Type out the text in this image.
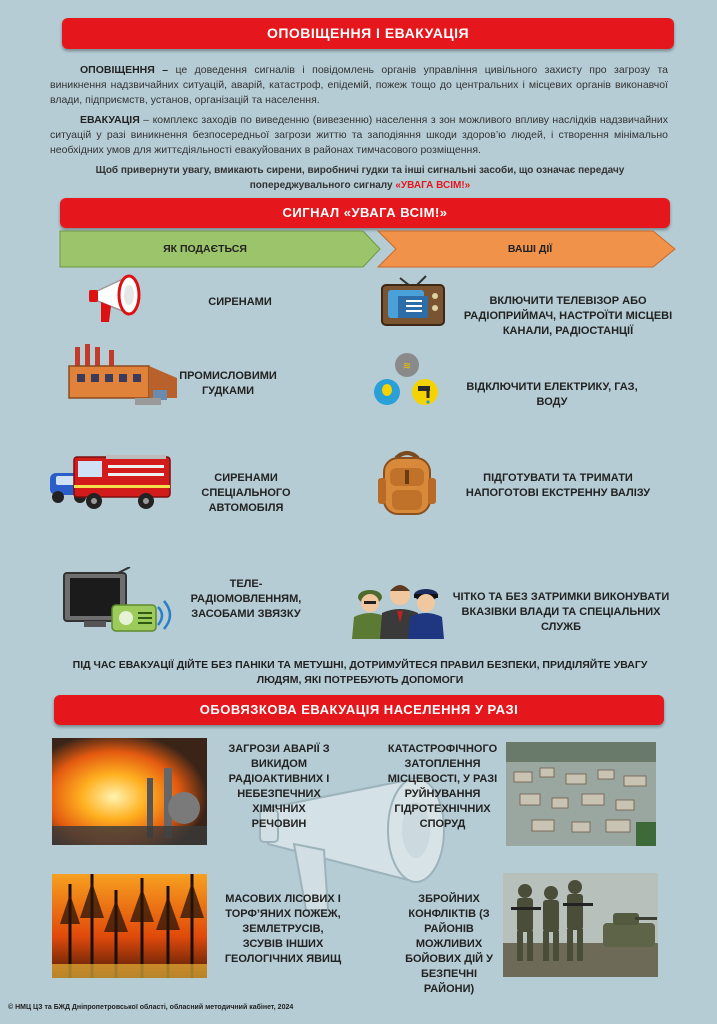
ОПОВІЩЕННЯ І ЕВАКУАЦІЯ
ОПОВІЩЕННЯ – це доведення сигналів і повідомлень органів управління цивільного захисту про загрозу та виникнення надзвичайних ситуацій, аварій, катастроф, епідемій, пожеж тощо до центральних і місцевих органів виконавчої влади, підприємств, установ, організацій та населення.
ЕВАКУАЦІЯ – комплекс заходів по виведенню (вивезенню) населення з зон можливого впливу наслідків надзвичайних ситуацій у разі виникнення безпосередньої загрози життю та заподіяння шкоди здоров’ю людей, і створення мінімально необхідних умов для життєдіяльності евакуйованих в районах тимчасового розміщення.
Щоб привернути увагу, вмикають сирени, виробничі гудки та інші сигнальні засоби, що означає передачу попереджувального сигналу «УВАГА ВСІМ!»
СИГНАЛ «УВАГА ВСІМ!»
ЯК ПОДАЄТЬСЯ	ВАШІ ДІЇ
СИРЕНАМИ	ВКЛЮЧИТИ ТЕЛЕВІЗОР АБО РАДІОПРИЙМАЧ, НАСТРОЇТИ МІСЦЕВІ КАНАЛИ, РАДІОСТАНЦІЇ
ПРОМИСЛОВИМИ ГУДКАМИ
≋
ВІДКЛЮЧИТИ ЕЛЕКТРИКУ, ГАЗ, ВОДУ
СИРЕНАМИ СПЕЦІАЛЬНОГО АВТОМОБІЛЯ
ПІДГОТУВАТИ ТА ТРИМАТИ НАПОГОТОВІ ЕКСТРЕННУ ВАЛІЗУ
ТЕЛЕ-РАДІОМОВЛЕННЯМ, ЗАСОБАМИ ЗВЯЗКУ
ЧІТКО ТА БЕЗ ЗАТРИМКИ ВИКОНУВАТИ ВКАЗІВКИ ВЛАДИ ТА СПЕЦІАЛЬНИХ СЛУЖБ
ПІД ЧАС ЕВАКУАЦІЇ ДІЙТЕ БЕЗ ПАНІКИ ТА МЕТУШНІ, ДОТРИМУЙТЕСЯ ПРАВИЛ БЕЗПЕКИ, ПРИДІЛЯЙТЕ УВАГУ ЛЮДЯМ, ЯКІ ПОТРЕБУЮТЬ ДОПОМОГИ
ОБОВЯЗКОВА ЕВАКУАЦІЯ НАСЕЛЕННЯ У РАЗІ
ЗАГРОЗИ АВАРІЇ З ВИКИДОМ РАДІОАКТИВНИХ І НЕБЕЗПЕЧНИХ ХІМІЧНИХ РЕЧОВИН
КАТАСТРОФІЧНОГО ЗАТОПЛЕННЯ МІСЦЕВОСТІ, У РАЗІ РУЙНУВАННЯ ГІДРОТЕХНІЧНИХ СПОРУД
МАСОВИХ ЛІСОВИХ І ТОРФ’ЯНИХ ПОЖЕЖ, ЗЕМЛЕТРУСІВ, ЗСУВІВ ІНШИХ ГЕОЛОГІЧНИХ ЯВИЩ
ЗБРОЙНИХ КОНФЛІКТІВ (З РАЙОНІВ МОЖЛИВИХ БОЙОВИХ ДІЙ У БЕЗПЕЧНІ РАЙОНИ)
© НМЦ ЦЗ та БЖД Дніпропетровської області, обласний методичний кабінет, 2024
